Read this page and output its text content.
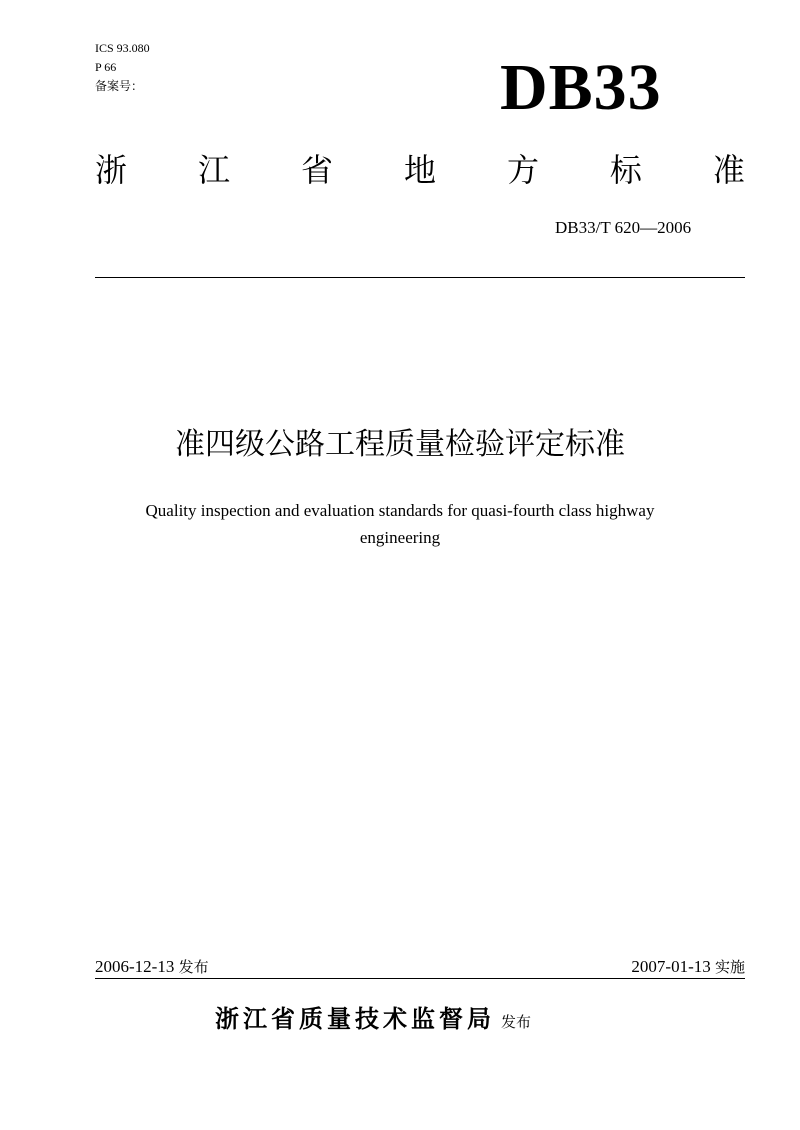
ICS 93.080
P 66
备案号：	DB33
浙 江 省 地 方 标 准
DB33/T 620—2006
准四级公路工程质量检验评定标准
Quality inspection and evaluation standards for quasi-fourth class highway
engineering
2006-12-13 发布	2007-01-13 实施
浙江省质量技术监督局 发布
